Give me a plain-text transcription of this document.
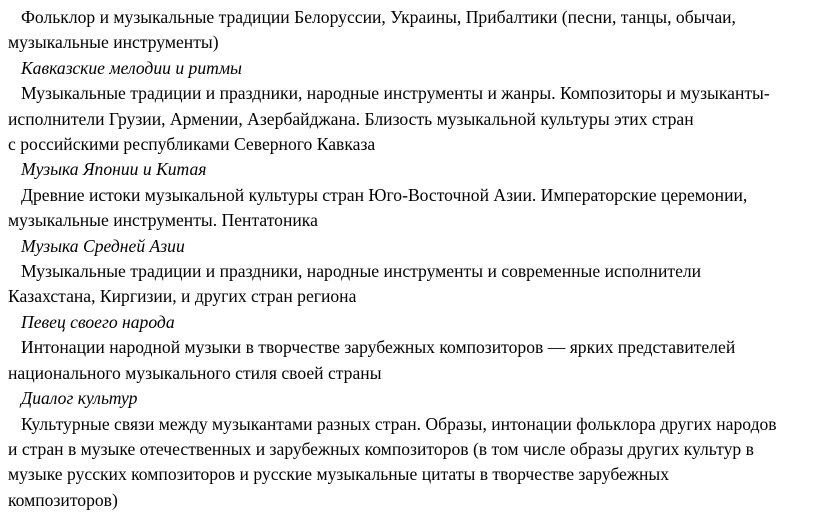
Фольклор и музыкальные традиции Белоруссии, Украины, Прибалтики (песни, танцы, обычаи,
музыкальные инструменты)

Кавказские мелодии и ритмы

Музыкальные традиции и праздники, народные инструменты и жанры. Композиторы и музыканты-
исполнители Грузии, Армении, Азербайджана. Близость музыкальной культуры этих стран
с российскими республиками Северного Кавказа

Музыка Японии и Китая

Древние истоки музыкальной культуры стран Юго-Восточной Азии. Императорские церемонии,
музыкальные инструменты. Пентатоника

Музыка Средней Азии

Музыкальные традиции и праздники, народные инструменты и современные исполнители
Казахстана, Киргизии, и других стран региона

Певец своего народа

Интонации народной музыки в творчестве зарубежных композиторов — ярких представителей
национального музыкального стиля своей страны

Диалог культур

Культурные связи между музыкантами разных стран. Образы, интонации фольклора других народов
и стран в музыке отечественных и зарубежных композиторов (в том числе образы других культур в
музыке русских композиторов и русские музыкальные цитаты в творчестве зарубежных
композиторов)
